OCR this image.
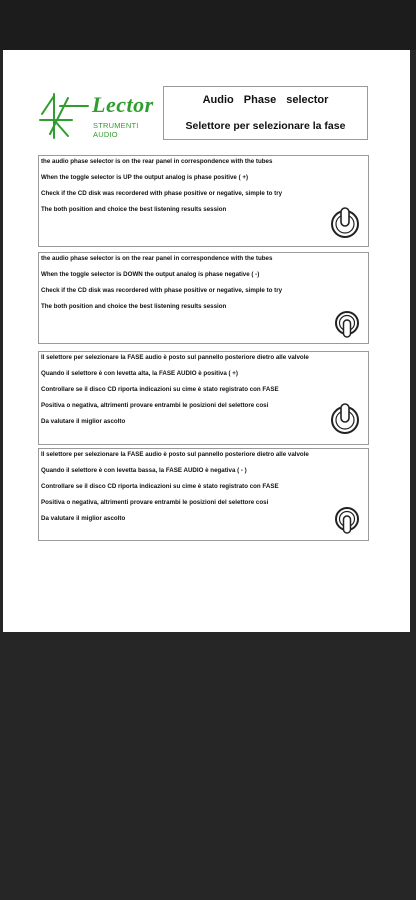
Lector
STRUMENTI AUDIO
Audio Phase selector
Selettore per selezionare la fase
the audio phase selector is on the rear panel in correspondence with the tubes
When the toggle selector is UP the output analog is phase positive ( +)
Check if the CD disk was recordered with phase positive or negative, simple to try
The both position and choice the best listening results session
the audio phase selector is on the rear panel in correspondence with the tubes
When the toggle selector is DOWN the output analog is phase negative ( -)
Check if the CD disk was recordered with phase positive or negative, simple to try
The both position and choice the best listening results session
Il selettore per selezionare la FASE audio è posto sul pannello posteriore dietro alle valvole
Quando il selettore è con levetta alta, la FASE AUDIO è positiva ( +)
Controllare se il disco CD riporta indicazioni su cime è stato registrato con FASE
Positiva o negativa, altrimenti provare entrambi le posizioni del selettore cosi
Da valutare il miglior ascolto
Il selettore per selezionare la FASE audio è posto sul pannello posteriore dietro alle valvole
Quando il selettore è con levetta bassa, la FASE AUDIO è negativa ( - )
Controllare se il disco CD riporta indicazioni su cime è stato registrato con FASE
Positiva o negativa, altrimenti provare entrambi le posizioni del selettore cosi
Da valutare il miglior ascolto
